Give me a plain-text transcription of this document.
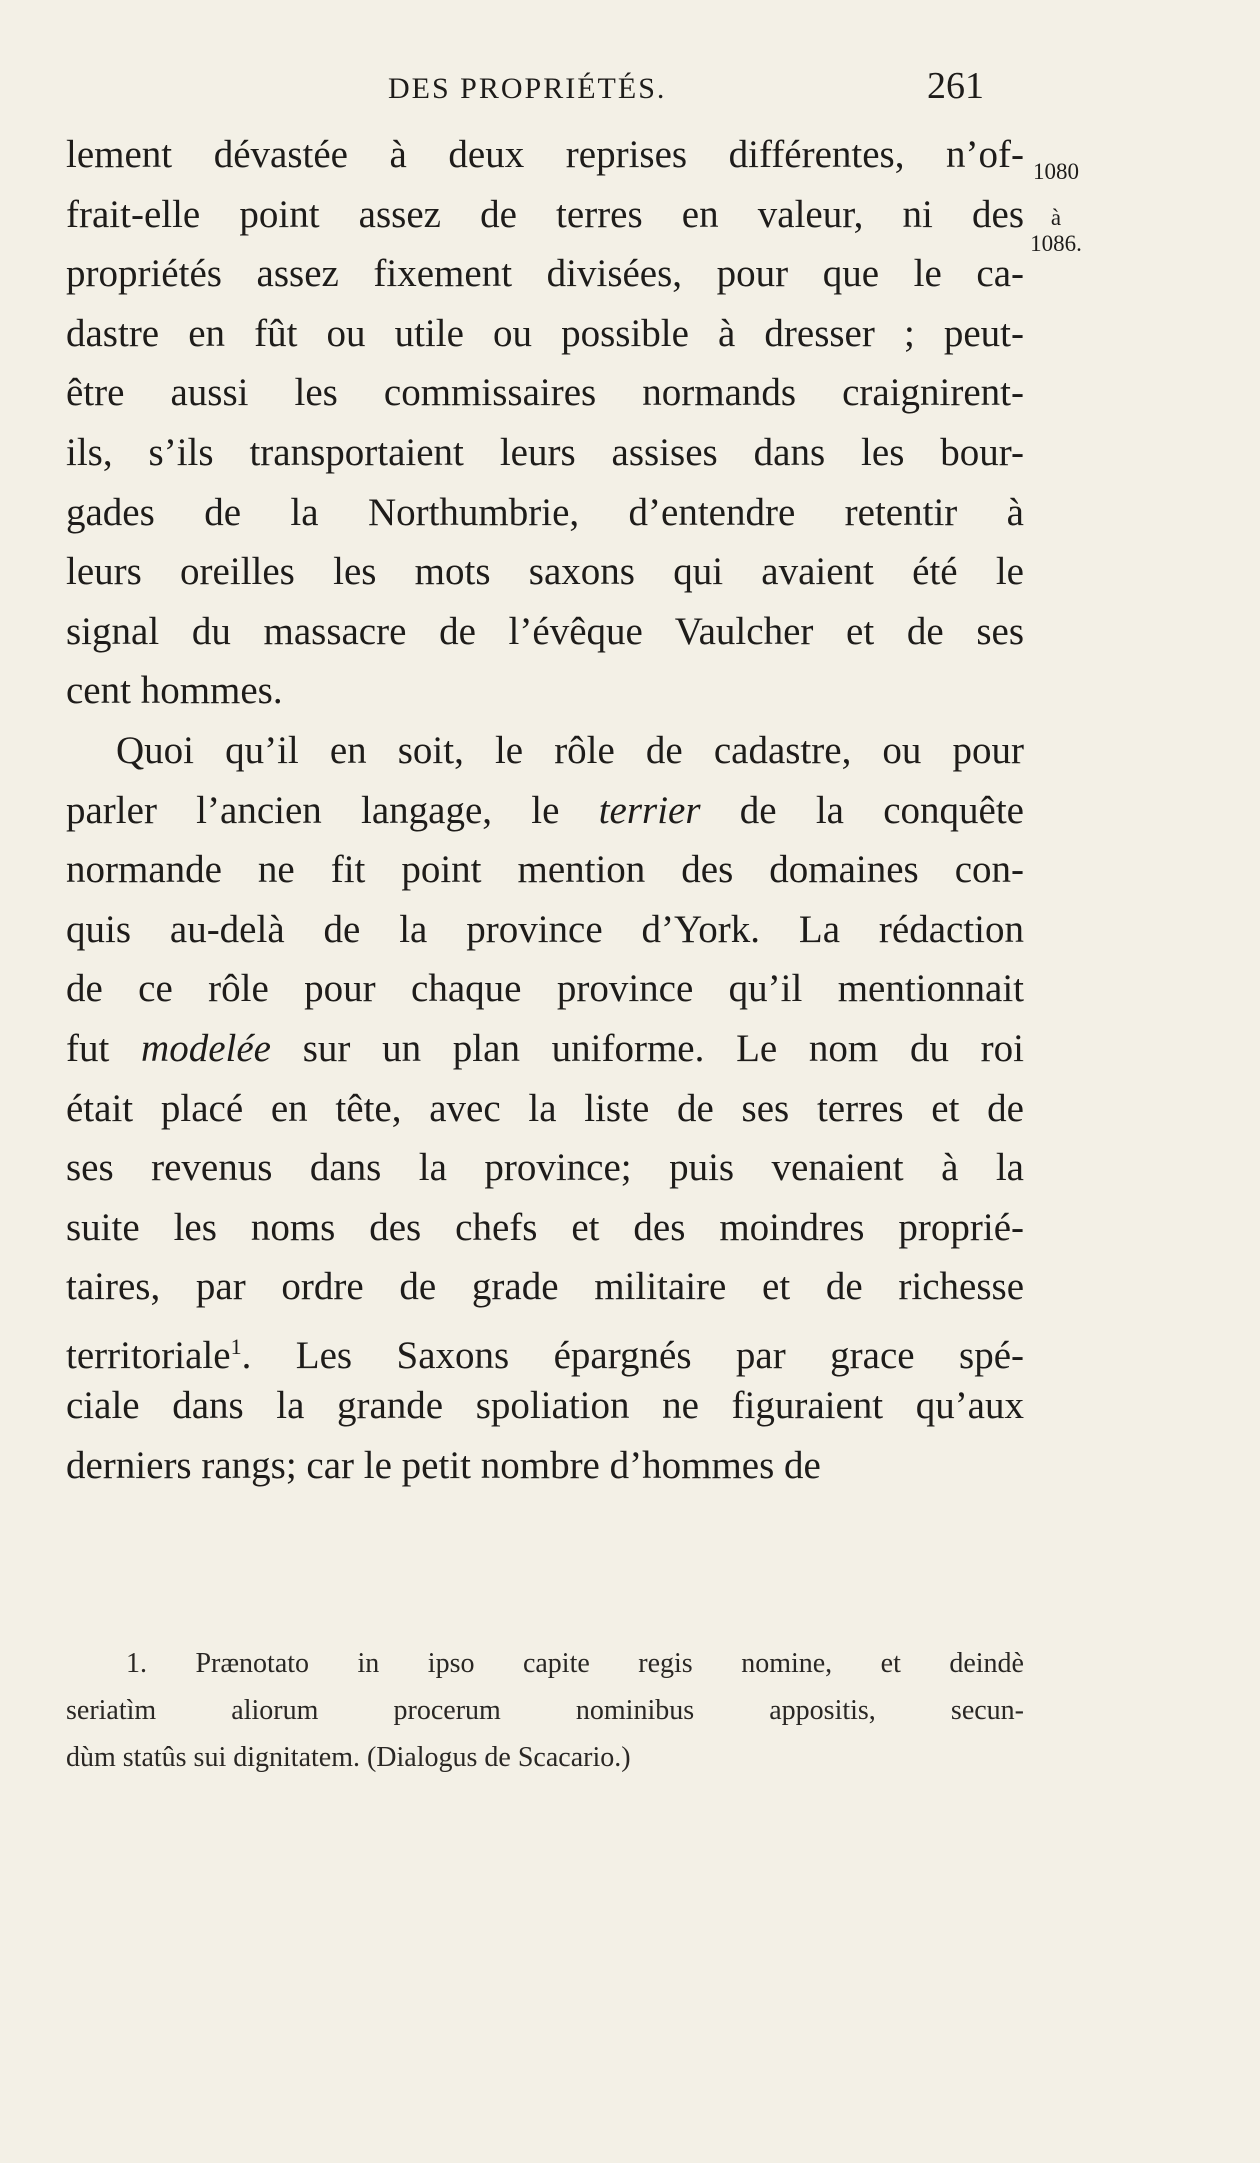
DES PROPRIÉTÉS.	261
1080
à
1086.
lement dévastée à deux reprises différentes, n’of-
frait-elle point assez de terres en valeur, ni des
propriétés assez fixement divisées, pour que le ca-
dastre en fût ou utile ou possible à dresser ; peut-
être aussi les commissaires normands craignirent-
ils, s’ils transportaient leurs assises dans les bour-
gades de la Northumbrie, d’entendre retentir à
leurs oreilles les mots saxons qui avaient été le
signal du massacre de l’évêque Vaulcher et de ses
cent hommes.
Quoi qu’il en soit, le rôle de cadastre, ou pour
parler l’ancien langage, le terrier de la conquête
normande ne fit point mention des domaines con-
quis au-delà de la province d’York. La rédaction
de ce rôle pour chaque province qu’il mentionnait
fut modelée sur un plan uniforme. Le nom du roi
était placé en tête, avec la liste de ses terres et de
ses revenus dans la province; puis venaient à la
suite les noms des chefs et des moindres proprié-
taires, par ordre de grade militaire et de richesse
territoriale$^1$. Les Saxons épargnés par grace spé-
ciale dans la grande spoliation ne figuraient qu’aux
derniers rangs; car le petit nombre d’hommes de
1. Prænotato in ipso capite regis nomine, et deindè
seriatìm aliorum procerum nominibus appositis, secun-
dùm statûs sui dignitatem. (Dialogus de Scacario.)
